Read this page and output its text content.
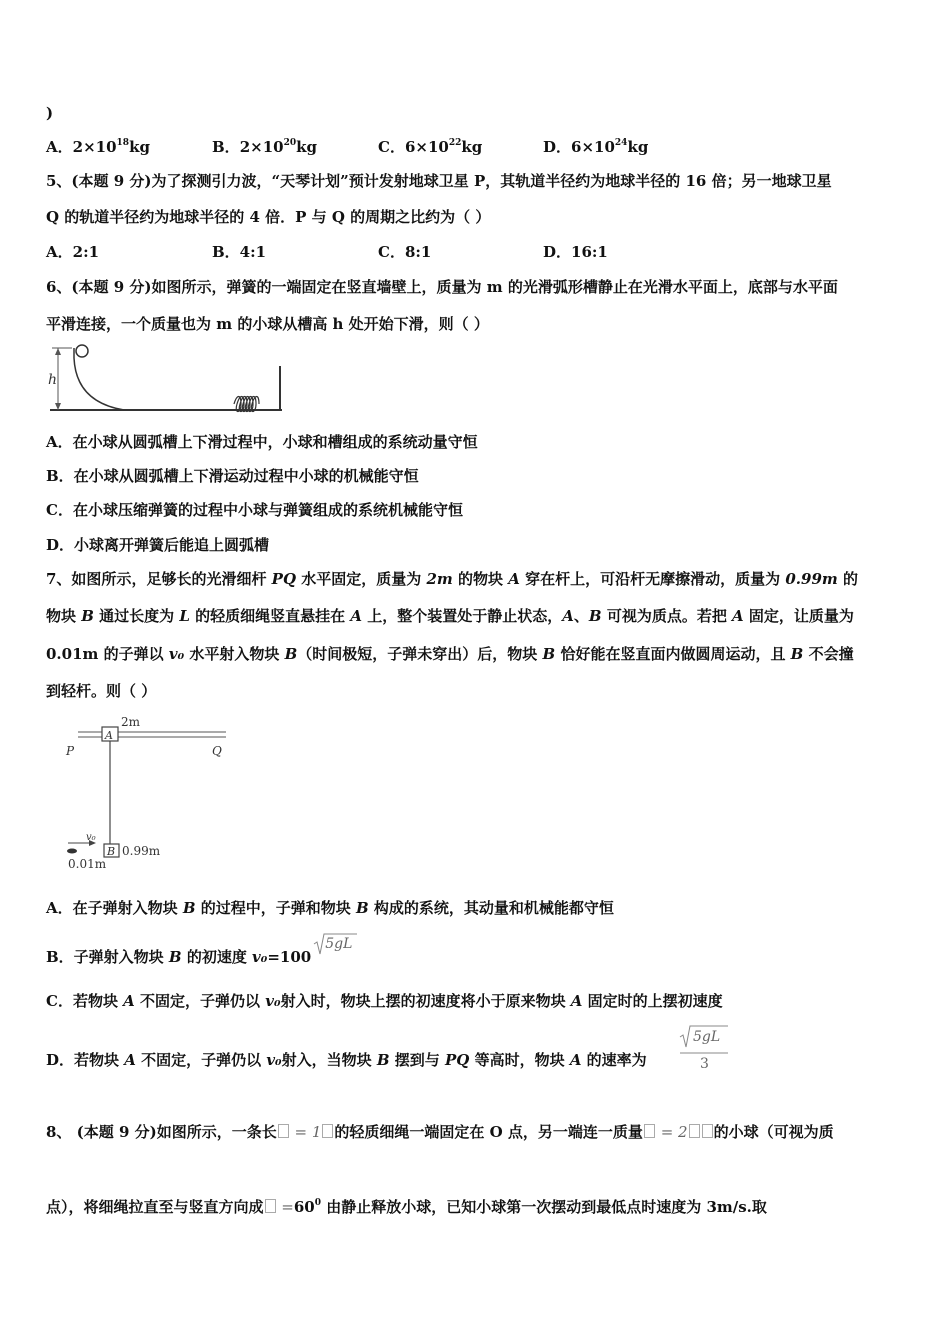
)
A．$2\times 10^{18}kg$	B．$2\times 10^{20}kg$	C．$6\times 10^{22}kg$	D．$6\times 10^{24}kg$
5、(本题 9 分)为了探测引力波，“天琴计划”预计发射地球卫星 P，其轨道半径约为地球半径的 16 倍；另一地球卫星
Q 的轨道半径约为地球半径的 4 倍．P 与 Q 的周期之比约为（ ）
A．2:1	B．4:1	C．8:1	D．16:1
6、(本题 9 分)如图所示，弹簧的一端固定在竖直墙壁上，质量为 m 的光滑弧形槽静止在光滑水平面上，底部与水平面
平滑连接，一个质量也为 m 的小球从槽高 h 处开始下滑，则（ ）
h
A．在小球从圆弧槽上下滑过程中，小球和槽组成的系统动量守恒
B．在小球从圆弧槽上下滑运动过程中小球的机械能守恒
C．在小球压缩弹簧的过程中小球与弹簧组成的系统机械能守恒
D．小球离开弹簧后能追上圆弧槽
7、如图所示，足够长的光滑细杆 PQ 水平固定，质量为 2m 的物块 A 穿在杆上，可沿杆无摩擦滑动，质量为 0.99m 的
物块 B 通过长度为 L 的轻质细绳竖直悬挂在 A 上，整个装置处于静止状态，A、B 可视为质点。若把 A 固定，让质量为
0.01m 的子弹以 v₀ 水平射入物块 B（时间极短，子弹未穿出）后，物块 B 恰好能在竖直面内做圆周运动，且 B 不会撞
到轻杆。则（ ）
A
2m
P	Q
B 0.99m
v₀
0.01m
A．在子弹射入物块 B 的过程中，子弹和物块 B 构成的系统，其动量和机械能都守恒
B．子弹射入物块 B 的初速度 v₀=100
5gL
C．若物块 A 不固定，子弹仍以 v₀射入时，物块上摆的初速度将小于原来物块 A 固定时的上摆初速度
D．若物块 A 不固定，子弹仍以 v₀射入，当物块 B 摆到与 PQ 等高时，物块 A 的速率为
5gL
3
8、 (本题 9 分)如图所示，一条长 = 1 的轻质细绳一端固定在 O 点，另一端连一质量 = 2 的小球（可视为质
点），将细绳拉直至与竖直方向成 $=60^0$ 由静止释放小球，已知小球第一次摆动到最低点时速度为 3m/s.取
